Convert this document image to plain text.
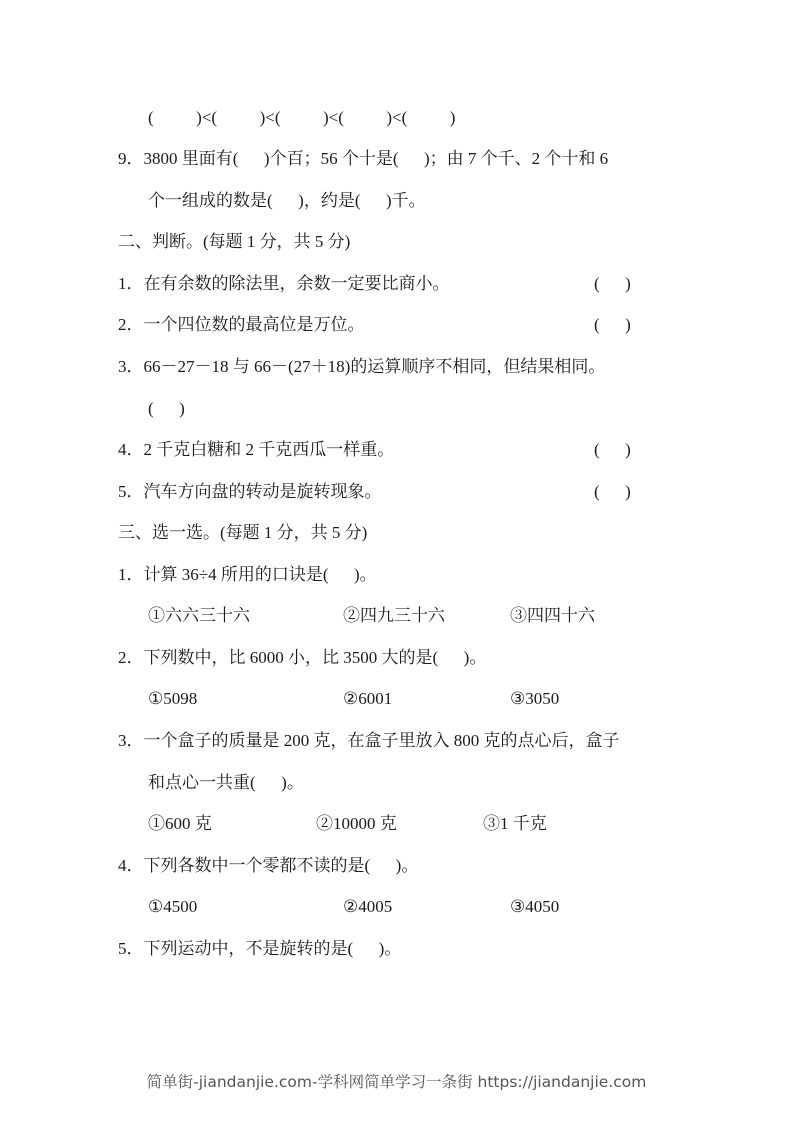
(          )<(          )<(          )<(          )<(          )
9．3800 里面有(      )个百；56 个十是(      )；由 7 个千、2 个十和 6
个一组成的数是(      )，约是(      )千。
二、判断。(每题 1 分，共 5 分)
1．在有余数的除法里，余数一定要比商小。	(      )
2．一个四位数的最高位是万位。	(      )
3．66－27－18 与 66－(27＋18)的运算顺序不相同，但结果相同。
(      )
4．2 千克白糖和 2 千克西瓜一样重。	(      )
5．汽车方向盘的转动是旋转现象。	(      )
三、选一选。(每题 1 分，共 5 分)
1．计算 36÷4 所用的口诀是(      )。
①六六三十六	②四九三十六	③四四十六
2．下列数中，比 6000 小，比 3500 大的是(      )。
①5098	②6001	③3050
3．一个盒子的质量是 200 克，在盒子里放入 800 克的点心后，盒子
和点心一共重(      )。
①600 克	②10000 克	③1 千克
4．下列各数中一个零都不读的是(      )。
①4500	②4005	③4050
5．下列运动中，不是旋转的是(      )。
简单街-jiandanjie.com-学科网简单学习一条街 https://jiandanjie.com
